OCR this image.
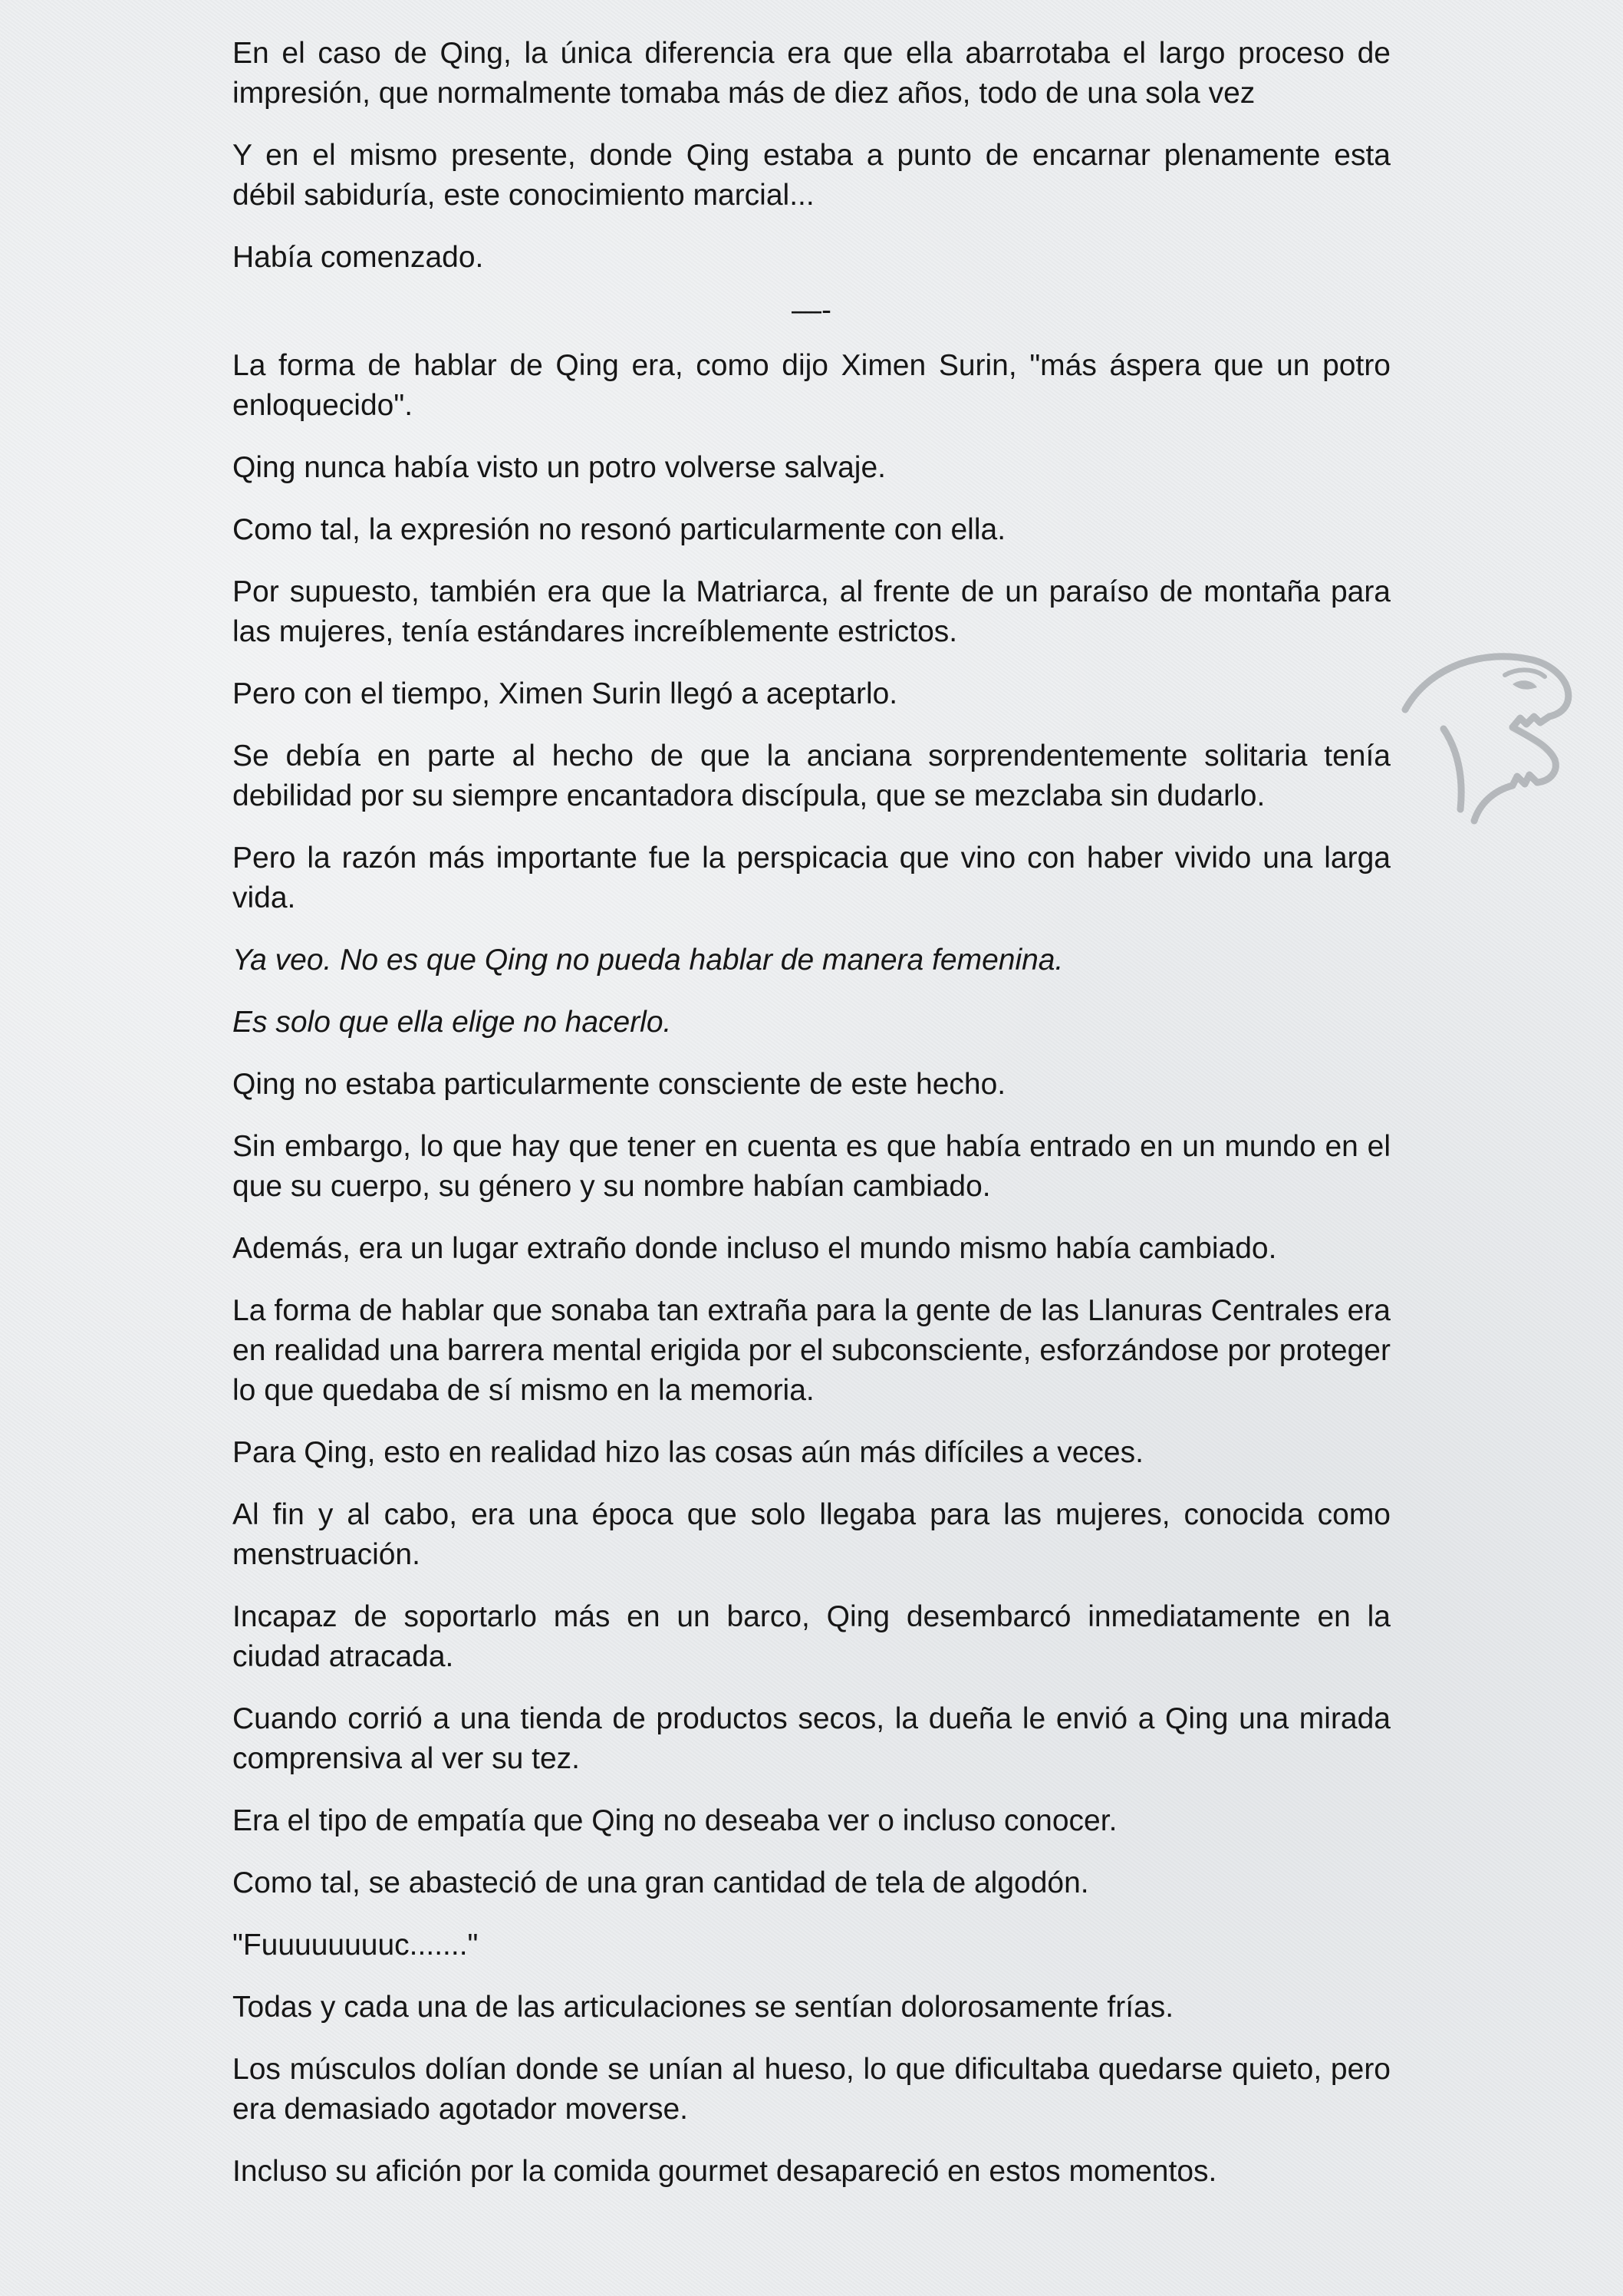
En el caso de Qing, la única diferencia era que ella abarrotaba el largo proceso de impresión, que normalmente tomaba más de diez años, todo de una sola vez

Y en el mismo presente, donde Qing estaba a punto de encarnar plenamente esta débil sabiduría, este conocimiento marcial...

Había comenzado.

—-

La forma de hablar de Qing era, como dijo Ximen Surin, "más áspera que un potro enloquecido".

Qing nunca había visto un potro volverse salvaje.

Como tal, la expresión no resonó particularmente con ella.

Por supuesto, también era que la Matriarca, al frente de un paraíso de montaña para las mujeres, tenía estándares increíblemente estrictos.

Pero con el tiempo, Ximen Surin llegó a aceptarlo.

Se debía en parte al hecho de que la anciana sorprendentemente solitaria tenía debilidad por su siempre encantadora discípula, que se mezclaba sin dudarlo.

Pero la razón más importante fue la perspicacia que vino con haber vivido una larga vida.

Ya veo. No es que Qing no pueda hablar de manera femenina.

Es solo que ella elige no hacerlo.

Qing no estaba particularmente consciente de este hecho.

Sin embargo, lo que hay que tener en cuenta es que había entrado en un mundo en el que su cuerpo, su género y su nombre habían cambiado.

Además, era un lugar extraño donde incluso el mundo mismo había cambiado.

La forma de hablar que sonaba tan extraña para la gente de las Llanuras Centrales era en realidad una barrera mental erigida por el subconsciente, esforzándose por proteger lo que quedaba de sí mismo en la memoria.

Para Qing, esto en realidad hizo las cosas aún más difíciles a veces.

Al fin y al cabo, era una época que solo llegaba para las mujeres, conocida como menstruación.

Incapaz de soportarlo más en un barco, Qing desembarcó inmediatamente en la ciudad atracada.

Cuando corrió a una tienda de productos secos, la dueña le envió a Qing una mirada comprensiva al ver su tez.

Era el tipo de empatía que Qing no deseaba ver o incluso conocer.

Como tal, se abasteció de una gran cantidad de tela de algodón.

"Fuuuuuuuuc......."

Todas y cada una de las articulaciones se sentían dolorosamente frías.

Los músculos dolían donde se unían al hueso, lo que dificultaba quedarse quieto, pero era demasiado agotador moverse.

Incluso su afición por la comida gourmet desapareció en estos momentos.
